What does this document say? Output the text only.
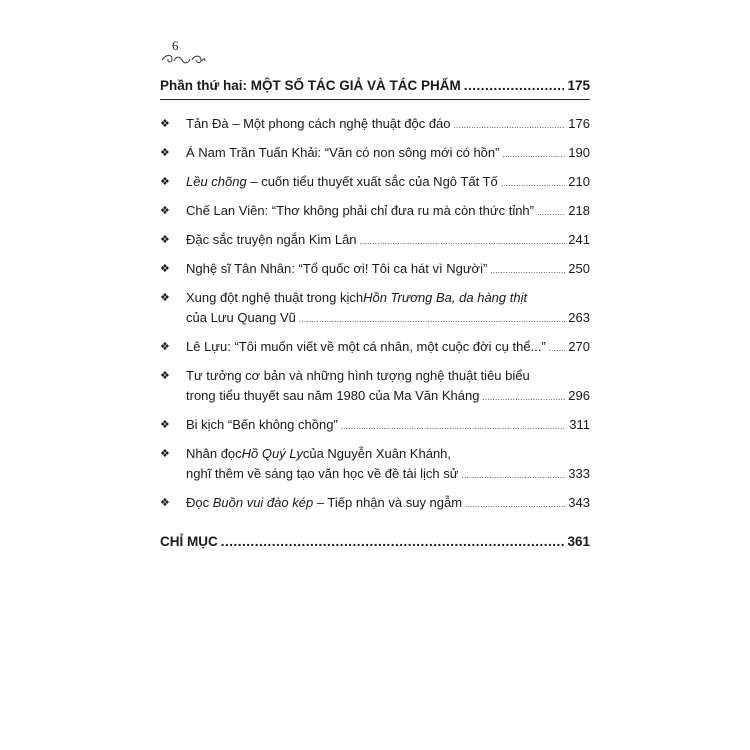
6
Phần thứ hai: MỘT SỐ TÁC GIẢ VÀ TÁC PHẨM .....	175
❖ Tản Đà – Một phong cách nghệ thuật độc đáo .....	176
❖ Á Nam Trần Tuấn Khải: “Văn có non sông mới có hồn” .....	190
❖ Lều chõng – cuốn tiểu thuyết xuất sắc của Ngô Tất Tố .....	210
❖ Chế Lan Viên: “Thơ không phải chỉ đưa ru mà còn thức tỉnh” .....	218
❖ Đặc sắc truyện ngắn Kim Lân .....	241
❖ Nghệ sĩ Tân Nhân: “Tổ quốc ơi! Tôi ca hát vì Người” .....	250
❖ Xung đột nghệ thuật trong kịch Hồn Trương Ba, da hàng thịt
của Lưu Quang Vũ .....	263
❖ Lê Lựu: “Tôi muốn viết về một cá nhân, một cuộc đời cụ thể...” ..... 270
❖ Tư tưởng cơ bản và những hình tượng nghệ thuật tiêu biểu
trong tiểu thuyết sau năm 1980 của Ma Văn Kháng .....	296
❖ Bi kịch “Bến không chồng” .....	311
❖ Nhân đọc Hồ Quý Ly của Nguyễn Xuân Khánh,
nghĩ thêm về sáng tạo văn học về đề tài lịch sử .....	333
❖ Đọc Buồn vui đào kép – Tiếp nhận và suy ngẫm .....	343
CHỈ MỤC .....	361
